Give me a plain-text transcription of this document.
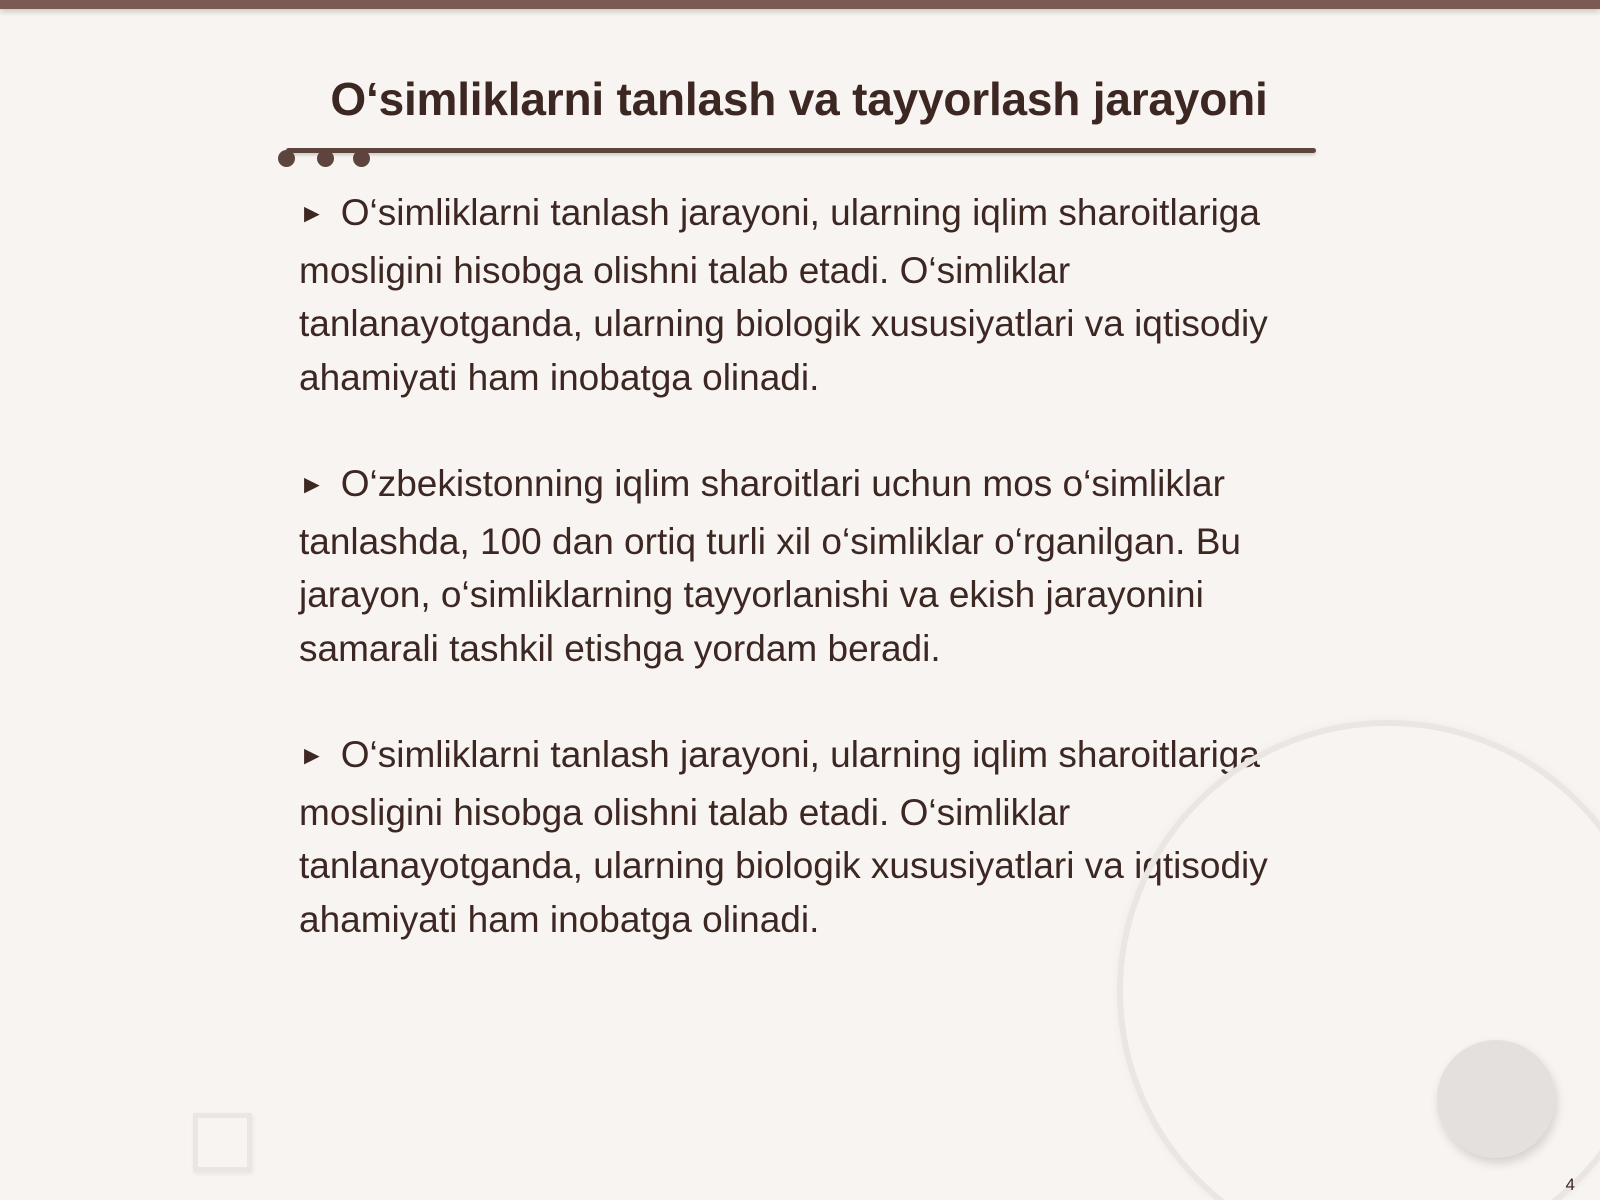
O‘simliklarni tanlash va tayyorlash jarayoni

► O‘simliklarni tanlash jarayoni, ularning iqlim sharoitlariga mosligini hisobga olishni talab etadi. O‘simliklar tanlanayotganda, ularning biologik xususiyatlari va iqtisodiy ahamiyati ham inobatga olinadi.

► O‘zbekistonning iqlim sharoitlari uchun mos o‘simliklar tanlashda, 100 dan ortiq turli xil o‘simliklar o‘rganilgan. Bu jarayon, o‘simliklarning tayyorlanishi va ekish jarayonini samarali tashkil etishga yordam beradi.

► O‘simliklarni tanlash jarayoni, ularning iqlim sharoitlariga mosligini hisobga olishni talab etadi. O‘simliklar tanlanayotganda, ularning biologik xususiyatlari va iqtisodiy ahamiyati ham inobatga olinadi.

4
